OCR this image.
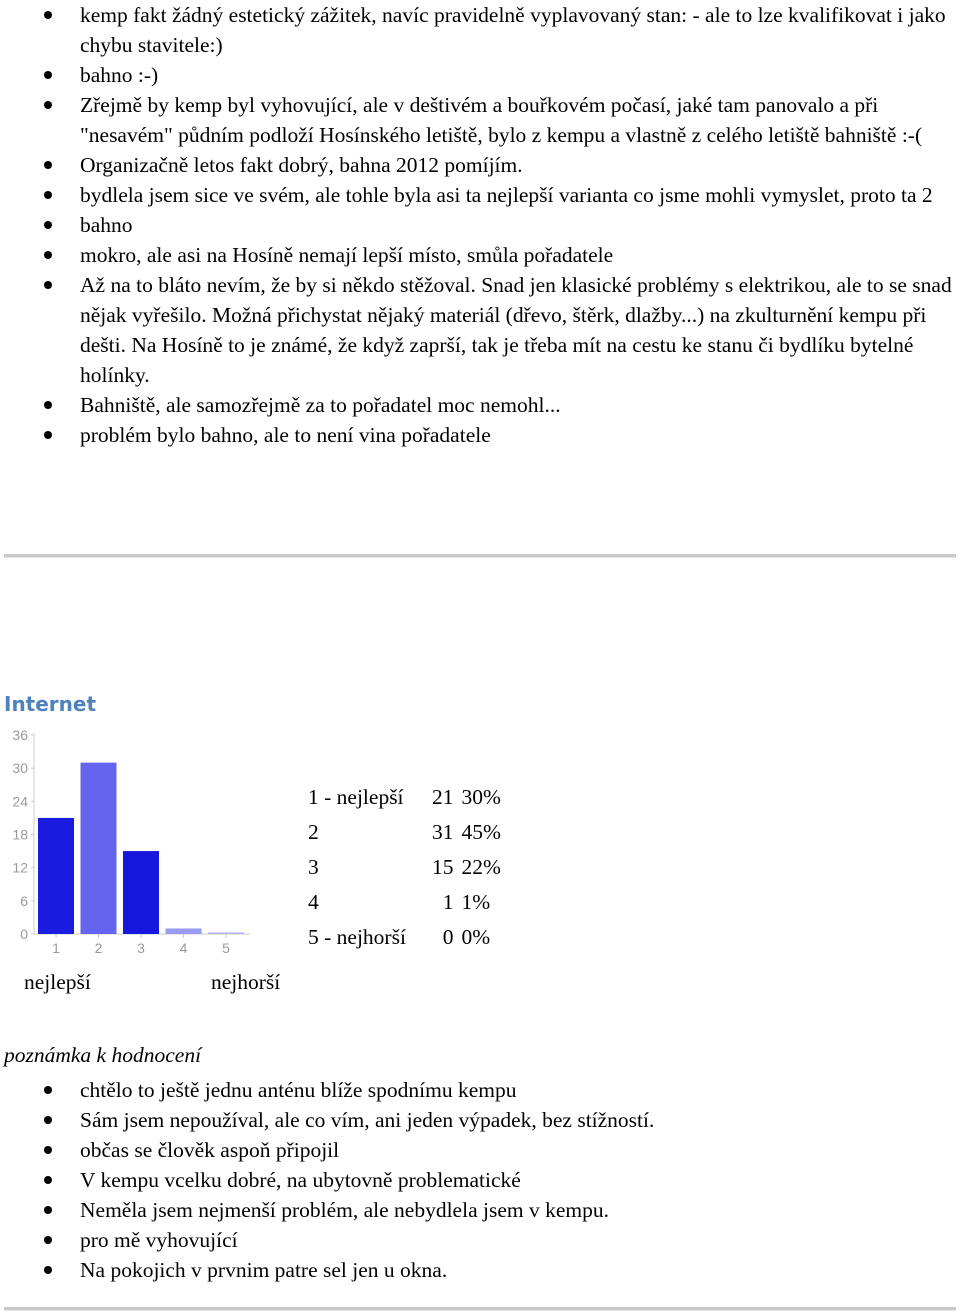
kemp fakt žádný estetický zážitek, navíc pravidelně vyplavovaný stan: - ale to lze kvalifikovat i jako chybu stavitele:)
bahno :-)
Zřejmě by kemp byl vyhovující, ale v deštivém a bouřkovém počasí, jaké tam panovalo a při "nesavém" půdním podloží Hosínského letiště, bylo z kempu a vlastně z celého letiště bahniště :-(
Organizačně letos fakt dobrý, bahna 2012 pomíjím.
bydlela jsem sice ve svém, ale tohle byla asi ta nejlepší varianta co jsme mohli vymyslet, proto ta 2
bahno
mokro, ale asi na Hosíně nemají lepší místo, smůla pořadatele
Až na to bláto nevím, že by si někdo stěžoval. Snad jen klasické problémy s elektrikou, ale to se snad nějak vyřešilo. Možná přichystat nějaký materiál (dřevo, štěrk, dlažby...) na zkulturnění kempu při dešti. Na Hosíně to je známé, že když zaprší, tak je třeba mít na cestu ke stanu či bydlíku bytelné holínky.
Bahniště, ale samozřejmě za to pořadatel moc nemohl...
problém bylo bahno, ale to není vina pořadatele
Internet
0
6
12
18
24
30
36
1 2 3 4 5
1 - nejlepší	21	30%
2	31	45%
3	15	22%
4	1	1%
5 - nejhorší	0	0%
nejlepší	nejhorší

poznámka k hodnocení

chtělo to ještě jednu anténu blíže spodnímu kempu
Sám jsem nepoužíval, ale co vím, ani jeden výpadek, bez stížností.
občas se člověk aspoň připojil
V kempu vcelku dobré, na ubytovně problematické
Neměla jsem nejmenší problém, ale nebydlela jsem v kempu.
pro mě vyhovující
Na pokojich v prvnim patre sel jen u okna.
